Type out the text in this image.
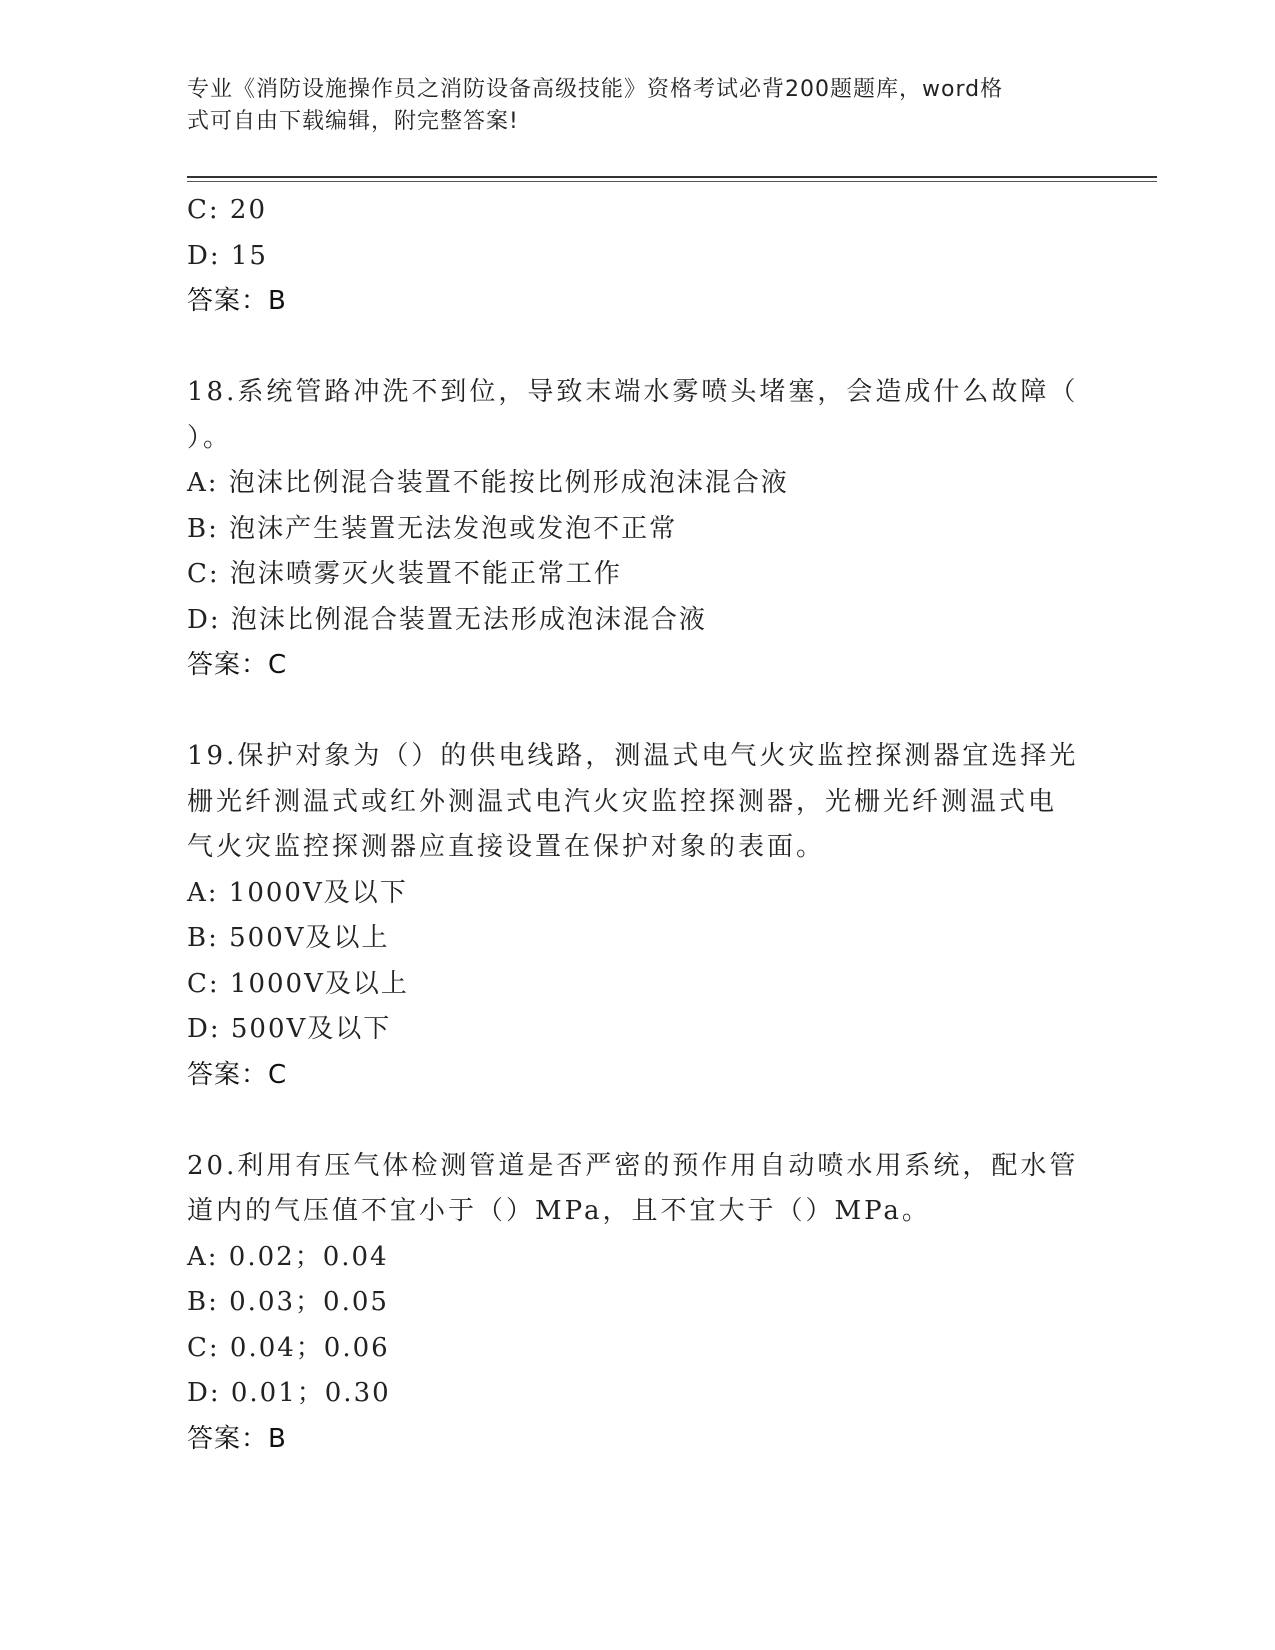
专业《消防设施操作员之消防设备高级技能》资格考试必背200题题库，word格
式可自由下载编辑，附完整答案!
C: 20
D: 15
答案：B
18.系统管路冲洗不到位，导致末端水雾喷头堵塞，会造成什么故障（
）。
A: 泡沫比例混合装置不能按比例形成泡沫混合液
B: 泡沫产生装置无法发泡或发泡不正常
C: 泡沫喷雾灭火装置不能正常工作
D: 泡沫比例混合装置无法形成泡沫混合液
答案：C
19.保护对象为（）的供电线路，测温式电气火灾监控探测器宜选择光
栅光纤测温式或红外测温式电汽火灾监控探测器，光栅光纤测温式电
气火灾监控探测器应直接设置在保护对象的表面。
A: 1000V及以下
B: 500V及以上
C: 1000V及以上
D: 500V及以下
答案：C
20.利用有压气体检测管道是否严密的预作用自动喷水用系统，配水管
道内的气压值不宜小于（）MPa，且不宜大于（）MPa。
A: 0.02；0.04
B: 0.03；0.05
C: 0.04；0.06
D: 0.01；0.30
答案：B
